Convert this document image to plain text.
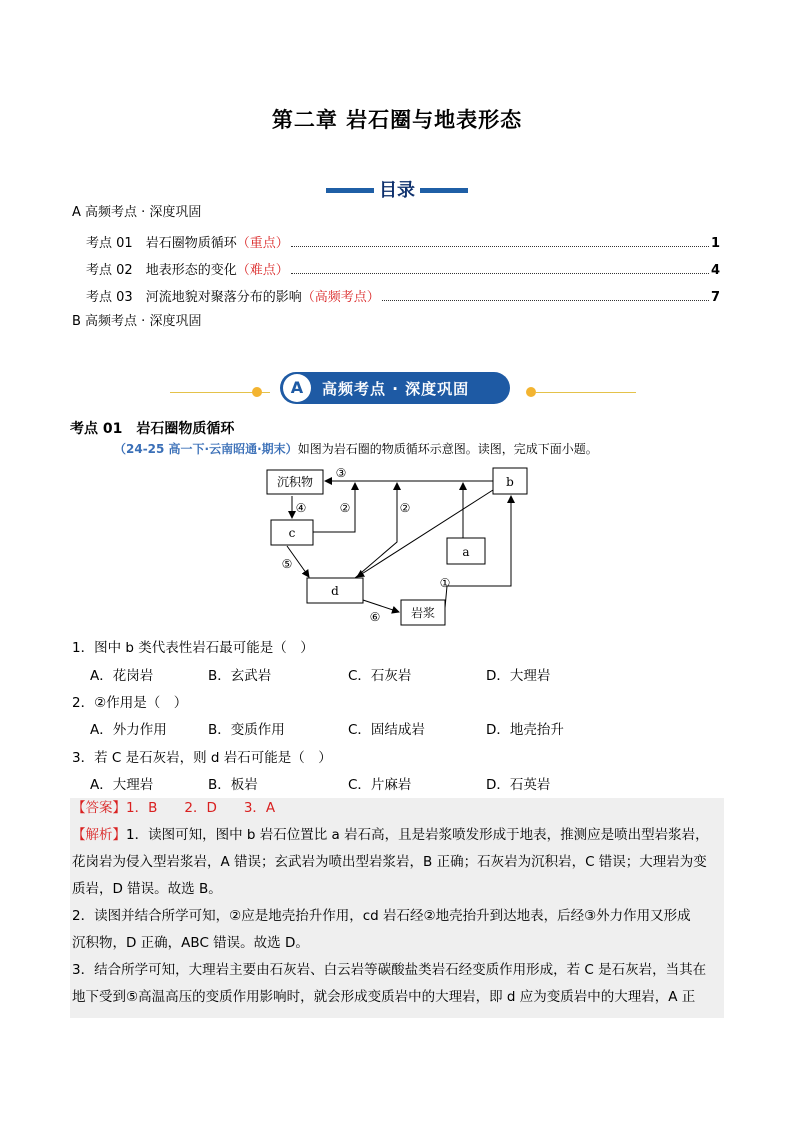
第二章 岩石圈与地表形态
目录
A 高频考点 · 深度巩固
考点 01　 岩石圈物质循环（重点）	1
考点 02　 地表形态的变化（难点）	4
考点 03　 河流地貌对聚落分布的影响（高频考点）	7
B 高频考点 · 深度巩固
A	高频考点 · 深度巩固
考点 01　岩石圈物质循环
（24-25 高一下·云南昭通·期末）如图为岩石圈的物质循环示意图。读图，完成下面小题。
沉积物	b
c
a
d
岩浆
③
④	②	②
⑤
①
⑥
1．图中 b 类代表性岩石最可能是（　）
A．花岗岩	B．玄武岩	C．石灰岩	D．大理岩
2．②作用是（　）
A．外力作用	B．变质作用	C．固结成岩	D．地壳抬升
3．若 C 是石灰岩，则 d 岩石可能是（　）
A．大理岩	B．板岩	C．片麻岩	D．石英岩
【答案】1．B　　2．D　　3．A
【解析】1．读图可知，图中 b 岩石位置比 a 岩石高，且是岩浆喷发形成于地表，推测应是喷出型岩浆岩，
花岗岩为侵入型岩浆岩，A 错误；玄武岩为喷出型岩浆岩，B 正确；石灰岩为沉积岩，C 错误；大理岩为变
质岩，D 错误。故选 B。
2．读图并结合所学可知，②应是地壳抬升作用，cd 岩石经②地壳抬升到达地表，后经③外力作用又形成
沉积物，D 正确，ABC 错误。故选 D。
3．结合所学可知，大理岩主要由石灰岩、白云岩等碳酸盐类岩石经变质作用形成，若 C 是石灰岩，当其在
地下受到⑤高温高压的变质作用影响时，就会形成变质岩中的大理岩，即 d 应为变质岩中的大理岩，A 正
